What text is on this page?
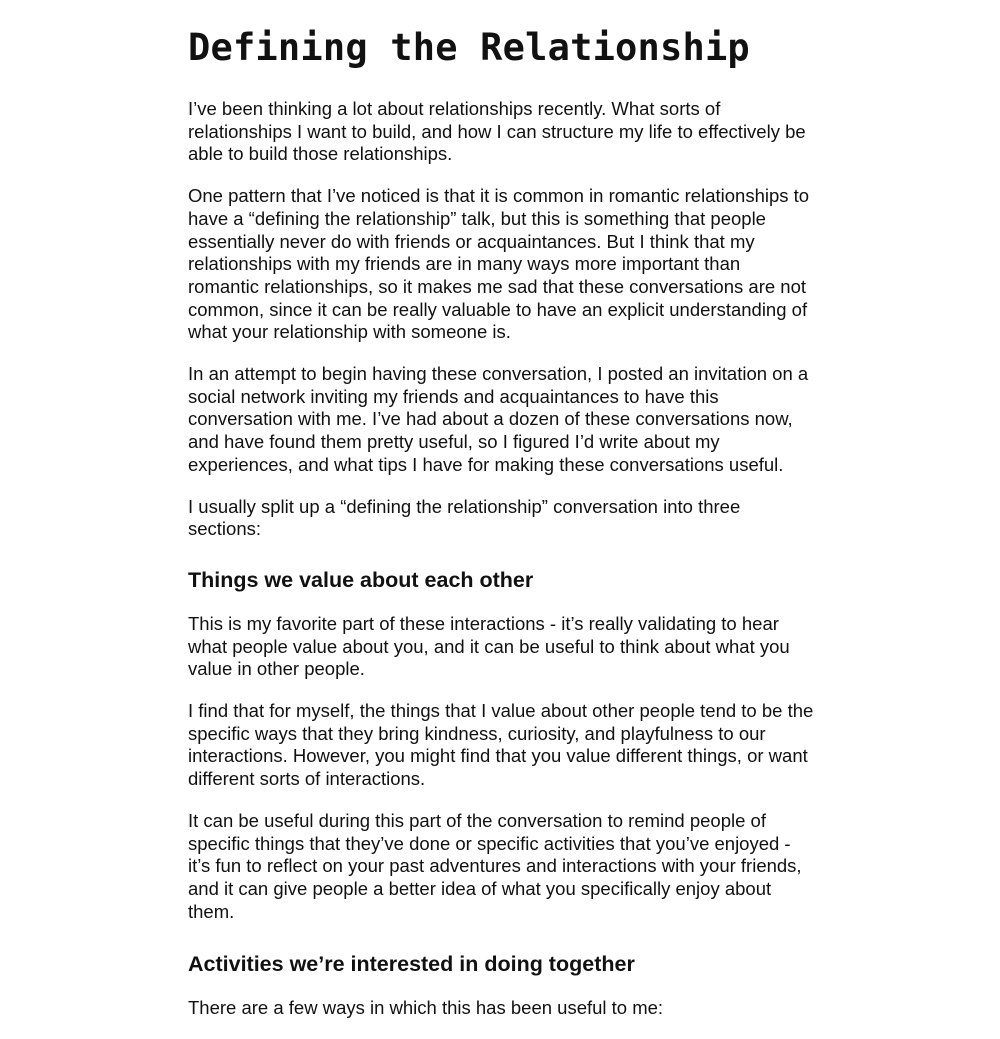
Defining the Relationship

I’ve been thinking a lot about relationships recently. What sorts of relationships I want to build, and how I can structure my life to effectively be able to build those relationships.

One pattern that I’ve noticed is that it is common in romantic relationships to have a “defining the relationship” talk, but this is something that people essentially never do with friends or acquaintances. But I think that my relationships with my friends are in many ways more important than romantic relationships, so it makes me sad that these conversations are not common, since it can be really valuable to have an explicit understanding of what your relationship with someone is.

In an attempt to begin having these conversation, I posted an invitation on a social network inviting my friends and acquaintances to have this conversation with me. I’ve had about a dozen of these conversations now, and have found them pretty useful, so I figured I’d write about my experiences, and what tips I have for making these conversations useful.

I usually split up a “defining the relationship” conversation into three sections:

Things we value about each other

This is my favorite part of these interactions - it’s really validating to hear what people value about you, and it can be useful to think about what you value in other people.

I find that for myself, the things that I value about other people tend to be the specific ways that they bring kindness, curiosity, and playfulness to our interactions. However, you might find that you value different things, or want different sorts of interactions.

It can be useful during this part of the conversation to remind people of specific things that they’ve done or specific activities that you’ve enjoyed - it’s fun to reflect on your past adventures and interactions with your friends, and it can give people a better idea of what you specifically enjoy about them.

Activities we’re interested in doing together

There are a few ways in which this has been useful to me:
